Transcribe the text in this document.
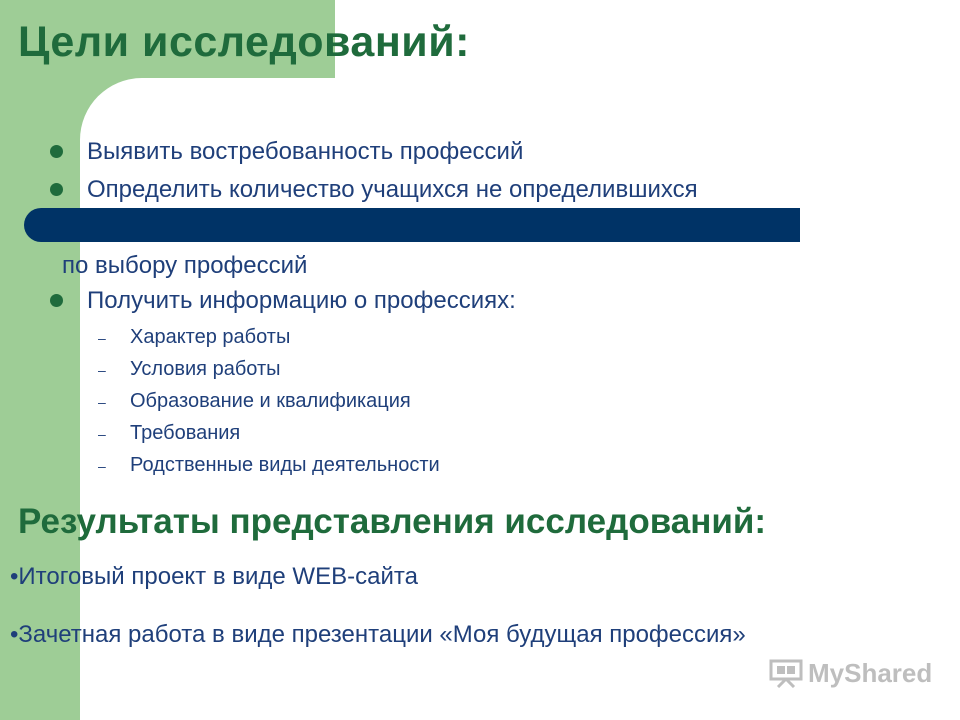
Цели исследований:
Выявить востребованность профессий
Определить количество учащихся не определившихся
по выбору профессий
Получить информацию о профессиях:
– Характер работы
– Условия работы
– Образование и квалификация
– Требования
– Родственные виды деятельности
Результаты представления исследований:
•Итоговый проект в виде WEB-сайта
•Зачетная работа в виде презентации «Моя будущая профессия»
MyShared
